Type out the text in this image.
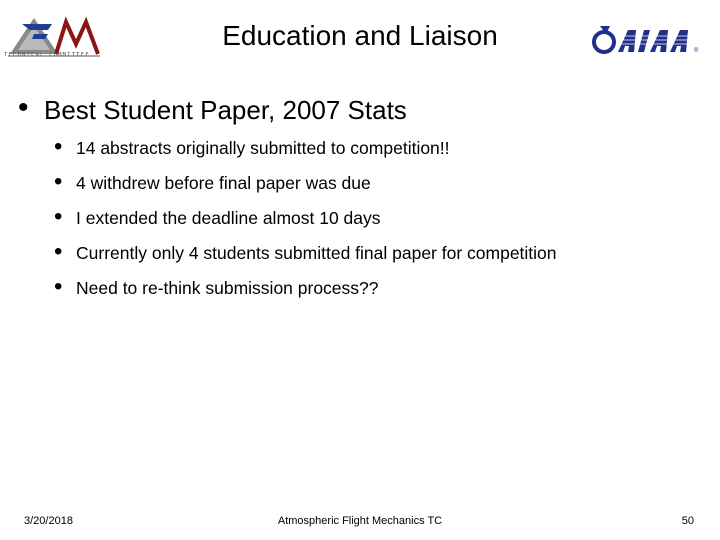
TECHNICAL COMMITTEE
Education and Liaison	®
• Best Student Paper, 2007 Stats
• 14 abstracts originally submitted to competition!!
• 4 withdrew before final paper was due
• I extended the deadline almost 10 days
• Currently only 4 students submitted final paper for competition
• Need to re-think submission process??
3/20/2018	Atmospheric Flight Mechanics TC	50
